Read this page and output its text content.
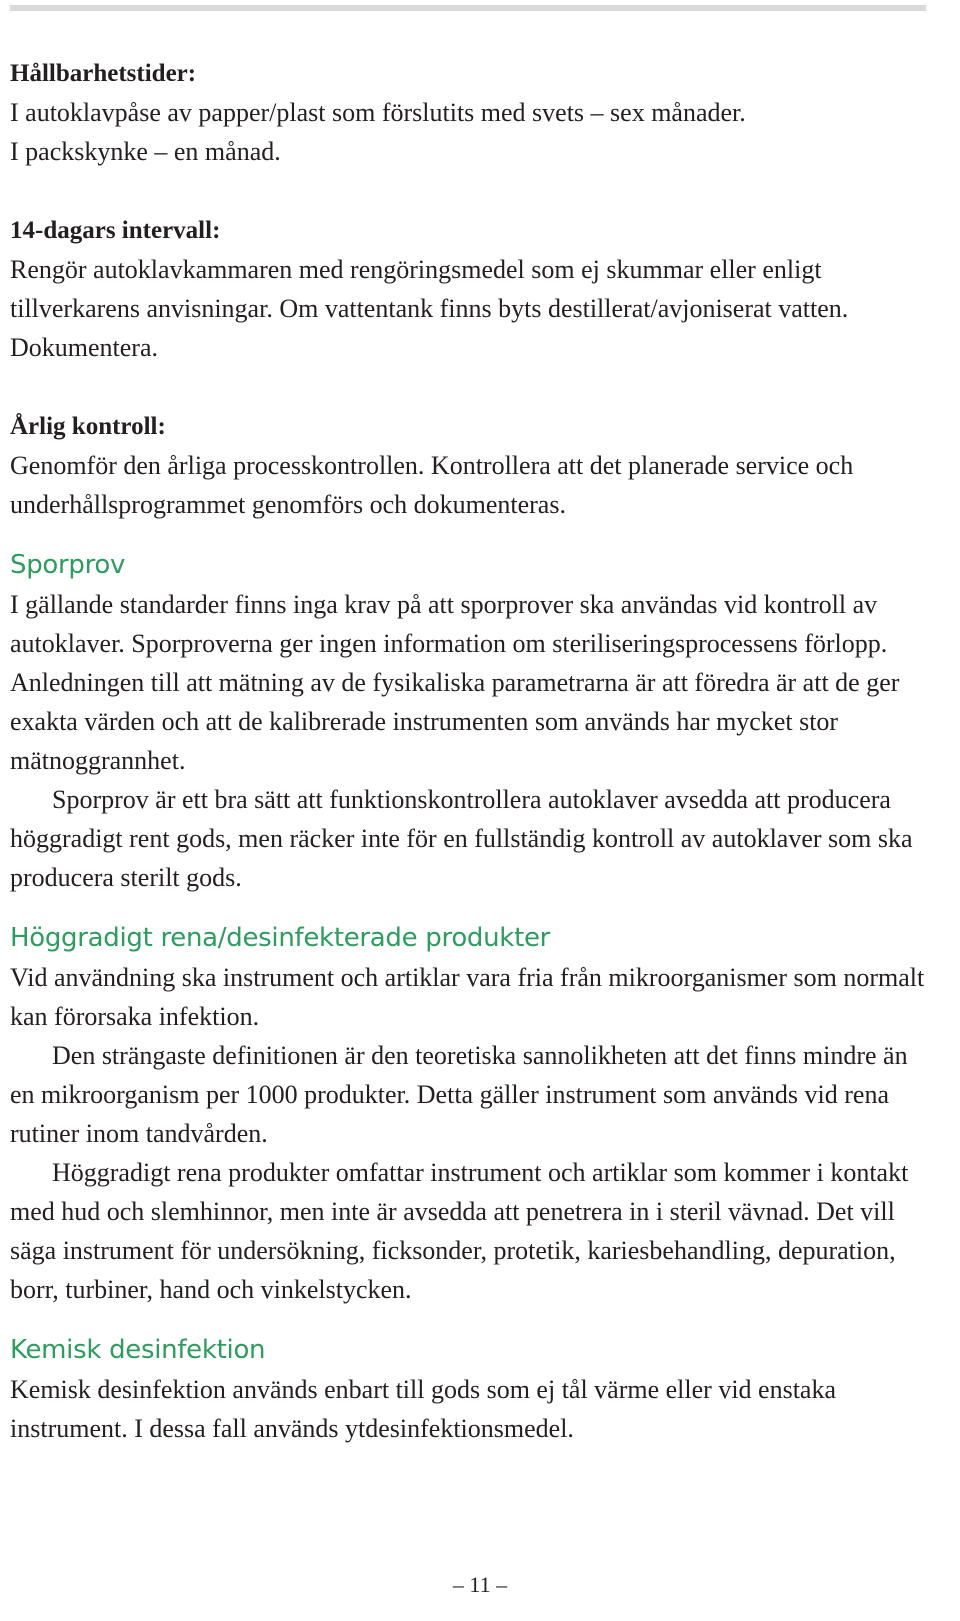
Hållbarhetstider:

I autoklavpåse av papper/plast som förslutits med svets – sex månader.

I packskynke – en månad.

14-dagars intervall:

Rengör autoklavkammaren med rengöringsmedel som ej skummar eller enligt tillverkarens anvisningar. Om vattentank finns byts destillerat/avjoniserat vatten. Dokumentera.

Årlig kontroll:

Genomför den årliga processkontrollen. Kontrollera att det planerade service och underhållsprogrammet genomförs och dokumenteras.

Sporprov

I gällande standarder finns inga krav på att sporprover ska användas vid kontroll av autoklaver. Sporproverna ger ingen information om steriliseringsprocessens förlopp. Anledningen till att mätning av de fysikaliska parametrarna är att föredra är att de ger exakta värden och att de kalibrerade instrumenten som används har mycket stor mätnoggrannhet.

Sporprov är ett bra sätt att funktionskontrollera autoklaver avsedda att producera höggradigt rent gods, men räcker inte för en fullständig kontroll av autoklaver som ska producera sterilt gods.

Höggradigt rena/desinfekterade produkter

Vid användning ska instrument och artiklar vara fria från mikroorganismer som normalt kan förorsaka infektion.

Den strängaste definitionen är den teoretiska sannolikheten att det finns mindre än en mikroorganism per 1000 produkter. Detta gäller instrument som används vid rena rutiner inom tandvården.

Höggradigt rena produkter omfattar instrument och artiklar som kommer i kontakt med hud och slemhinnor, men inte är avsedda att penetrera in i steril vävnad. Det vill säga instrument för undersökning, ficksonder, protetik, kariesbehandling, depuration, borr, turbiner, hand och vinkelstycken.

Kemisk desinfektion

Kemisk desinfektion används enbart till gods som ej tål värme eller vid enstaka instrument. I dessa fall används ytdesinfektionsmedel.

– 11 –
